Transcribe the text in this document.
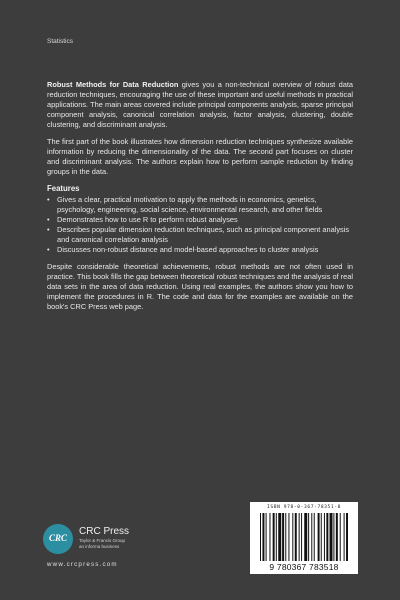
Statistics

Robust Methods for Data Reduction gives you a non-technical overview of robust data reduction techniques, encouraging the use of these important and useful methods in practical applications. The main areas covered include principal components analysis, sparse principal component analysis, canonical correlation analysis, factor analysis, clustering, double clustering, and discriminant analysis.

The first part of the book illustrates how dimension reduction techniques synthesize available information by reducing the dimensionality of the data. The second part focuses on cluster and discriminant analysis. The authors explain how to perform sample reduction by finding groups in the data.

Features
• Gives a clear, practical motivation to apply the methods in economics, genetics, psychology, engineering, social science, environmental research, and other fields
• Demonstrates how to use R to perform robust analyses
• Describes popular dimension reduction techniques, such as principal component analysis and canonical correlation analysis
• Discusses non-robust distance and model-based approaches to cluster analysis

Despite considerable theoretical achievements, robust methods are not often used in practice. This book fills the gap between theoretical robust techniques and the analysis of real data sets in the area of data reduction. Using real examples, the authors show you how to implement the procedures in R. The code and data for the examples are available on the book's CRC Press web page.

CRC
CRC Press
Taylor & Francis Group
an informa business
www.crcpress.com
ISBN 978-0-367-78351-8
9 780367 783518
